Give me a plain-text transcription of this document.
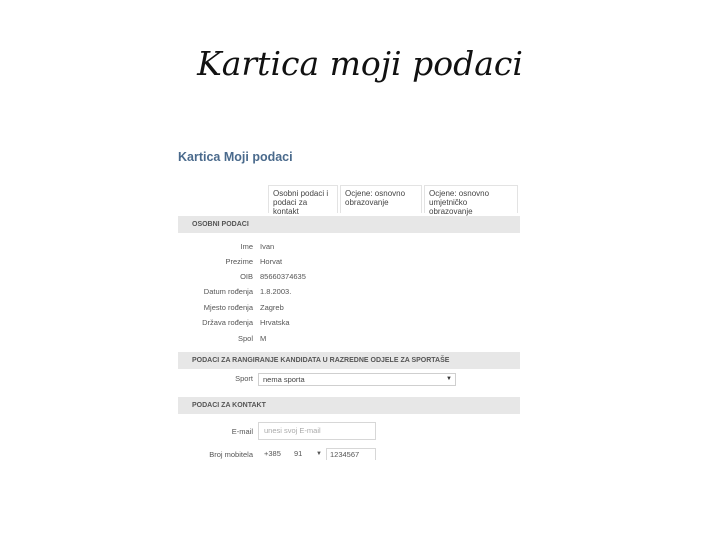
Kartica moji podaci
Kartica Moji podaci
Osobni podaci i podaci za kontakt
Ocjene: osnovno obrazovanje
Ocjene: osnovno umjetničko obrazovanje
OSOBNI PODACI
Ime Ivan
Prezime Horvat
OIB 85660374635
Datum rođenja 1.8.2003.
Mjesto rođenja Zagreb
Država rođenja Hrvatska
Spol M
PODACI ZA RANGIRANJE KANDIDATA U RAZREDNE ODJELE ZA SPORTAŠE
Sport	nema sporta	▼
PODACI ZA KONTAKT
E-mail	unesi svoj E-mail
Broj mobitela +385 91 ▼	1234567
